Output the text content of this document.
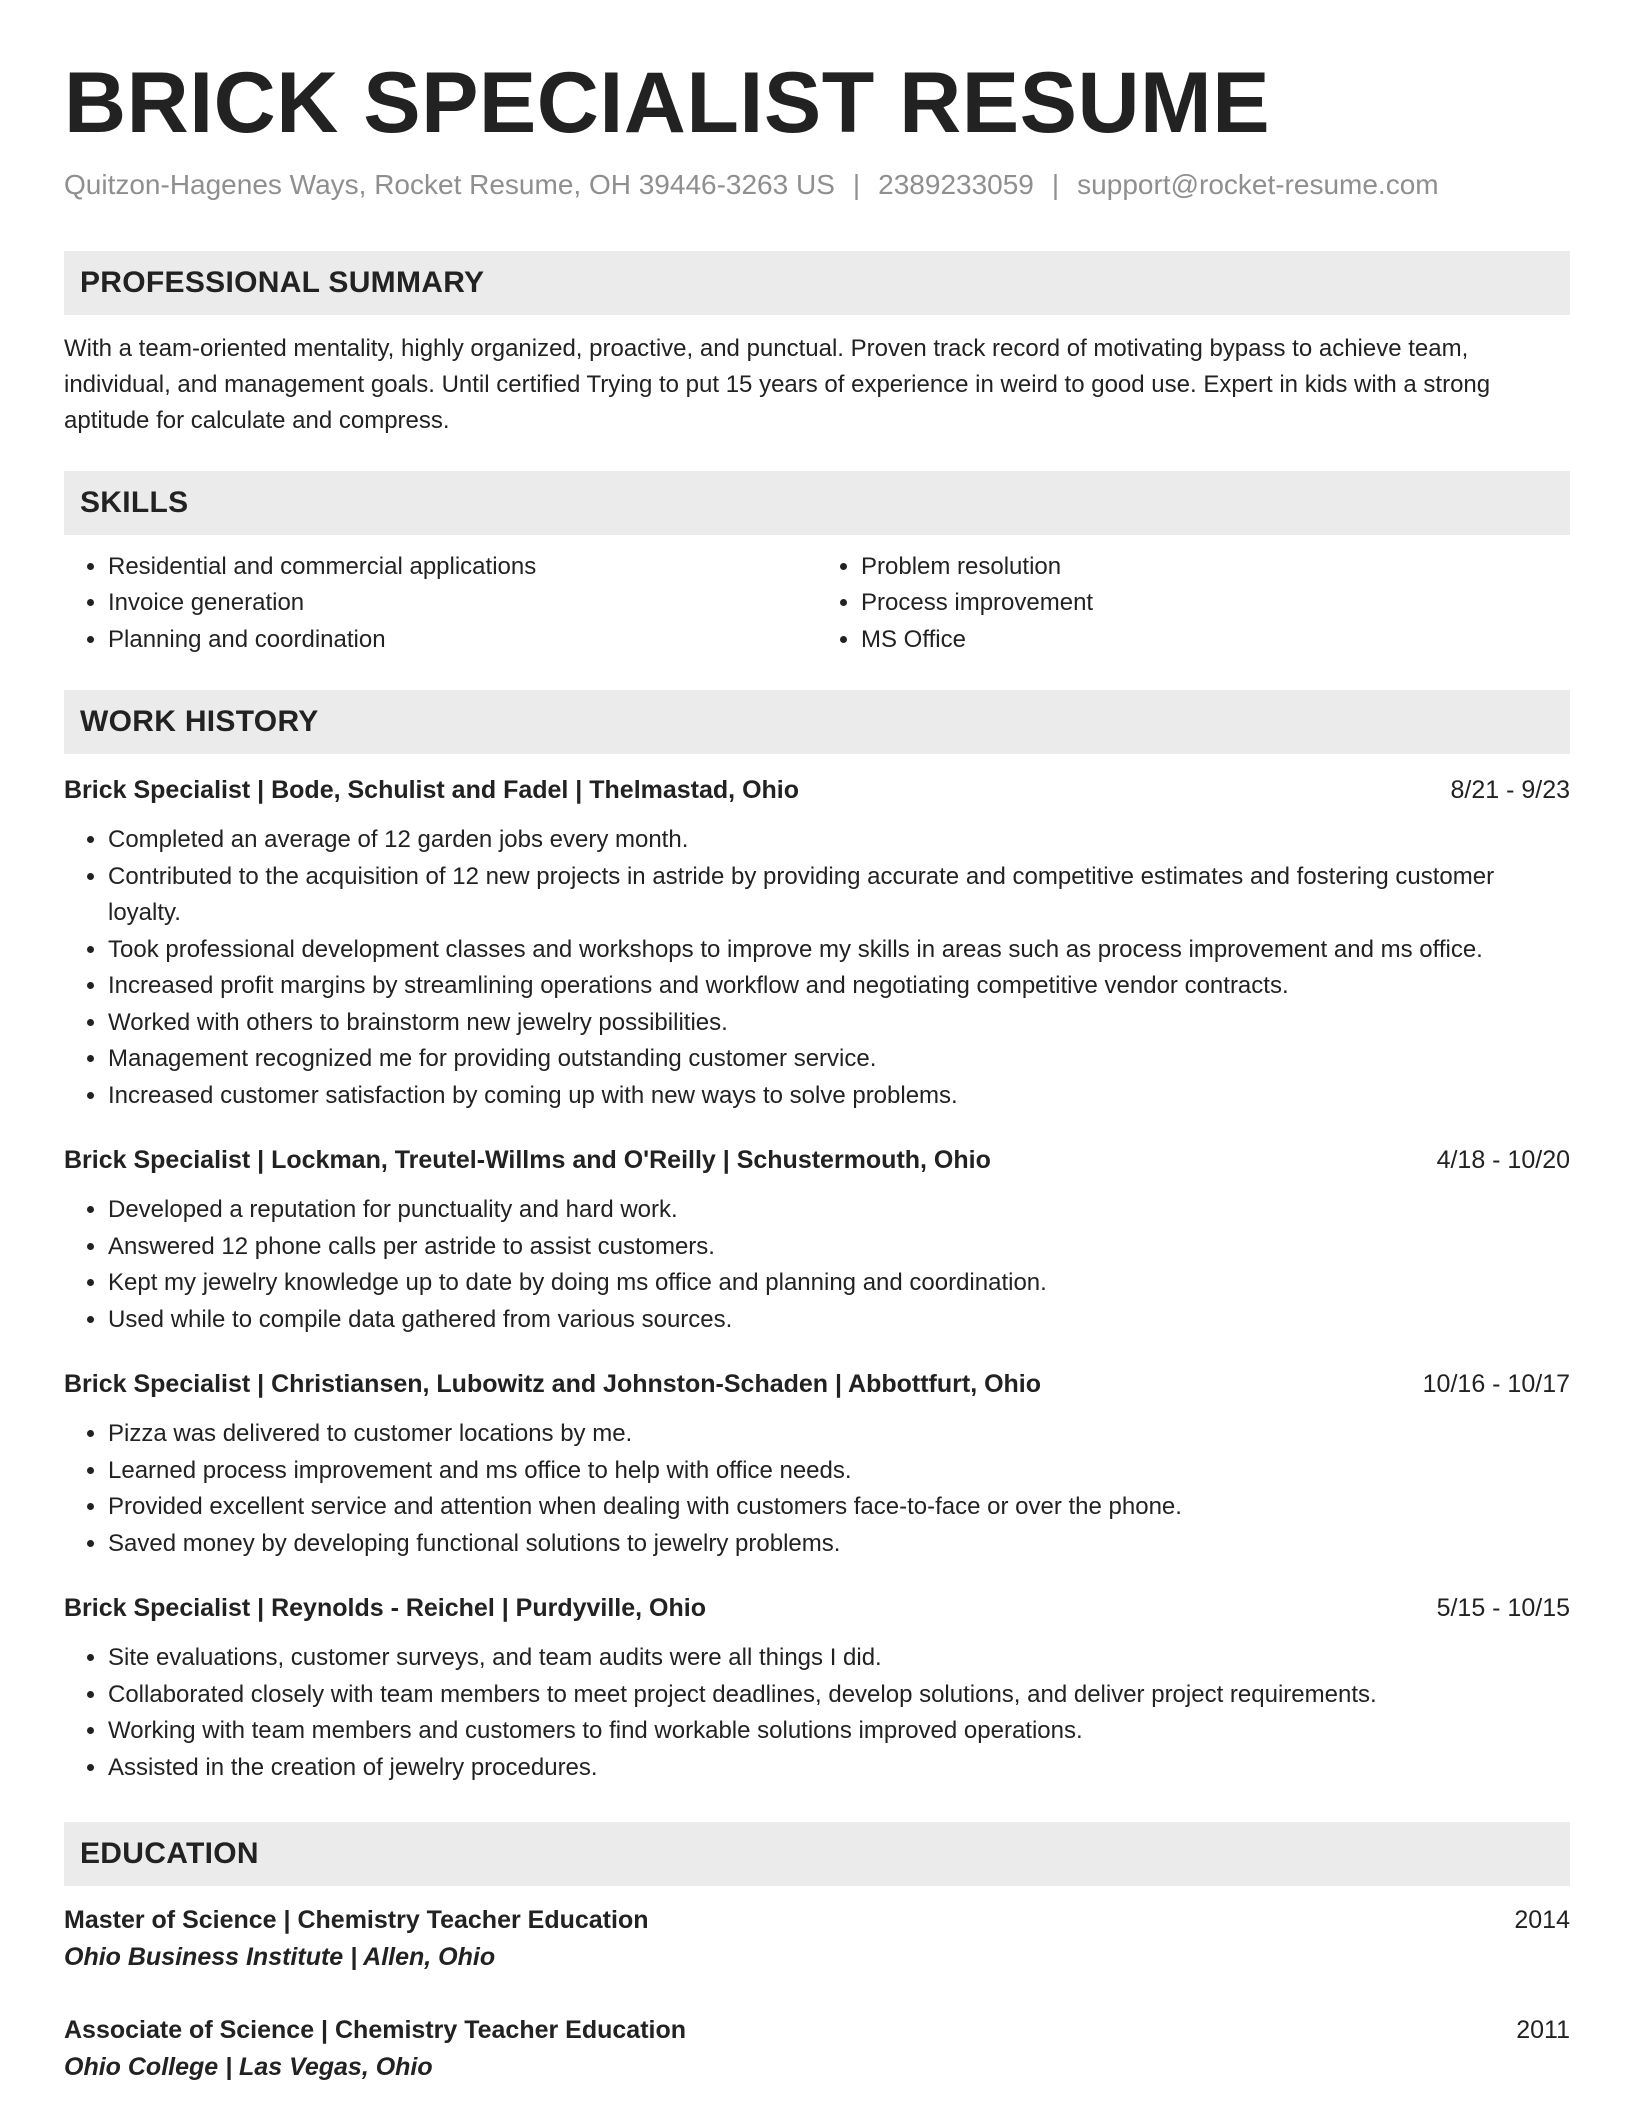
BRICK SPECIALIST RESUME
Quitzon-Hagenes Ways, Rocket Resume, OH 39446-3263 US | 2389233059 | support@rocket-resume.com
PROFESSIONAL SUMMARY

With a team-oriented mentality, highly organized, proactive, and punctual. Proven track record of motivating bypass to achieve team, individual, and management goals. Until certified Trying to put 15 years of experience in weird to good use. Expert in kids with a strong aptitude for calculate and compress.

SKILLS
• Residential and commercial applications
• Invoice generation
• Planning and coordination
• Problem resolution
• Process improvement
• MS Office
WORK HISTORY
Brick Specialist | Bode, Schulist and Fadel | Thelmastad, Ohio	8/21 - 9/23
• Completed an average of 12 garden jobs every month.
• Contributed to the acquisition of 12 new projects in astride by providing accurate and competitive estimates and fostering customer loyalty.
• Took professional development classes and workshops to improve my skills in areas such as process improvement and ms office.
• Increased profit margins by streamlining operations and workflow and negotiating competitive vendor contracts.
• Worked with others to brainstorm new jewelry possibilities.
• Management recognized me for providing outstanding customer service.
• Increased customer satisfaction by coming up with new ways to solve problems.
Brick Specialist | Lockman, Treutel-Willms and O'Reilly | Schustermouth, Ohio	4/18 - 10/20
• Developed a reputation for punctuality and hard work.
• Answered 12 phone calls per astride to assist customers.
• Kept my jewelry knowledge up to date by doing ms office and planning and coordination.
• Used while to compile data gathered from various sources.
Brick Specialist | Christiansen, Lubowitz and Johnston-Schaden | Abbottfurt, Ohio	10/16 - 10/17
• Pizza was delivered to customer locations by me.
• Learned process improvement and ms office to help with office needs.
• Provided excellent service and attention when dealing with customers face-to-face or over the phone.
• Saved money by developing functional solutions to jewelry problems.
Brick Specialist | Reynolds - Reichel | Purdyville, Ohio	5/15 - 10/15
• Site evaluations, customer surveys, and team audits were all things I did.
• Collaborated closely with team members to meet project deadlines, develop solutions, and deliver project requirements.
• Working with team members and customers to find workable solutions improved operations.
• Assisted in the creation of jewelry procedures.
EDUCATION
Master of Science | Chemistry Teacher Education	2014
Ohio Business Institute | Allen, Ohio
Associate of Science | Chemistry Teacher Education	2011
Ohio College | Las Vegas, Ohio
